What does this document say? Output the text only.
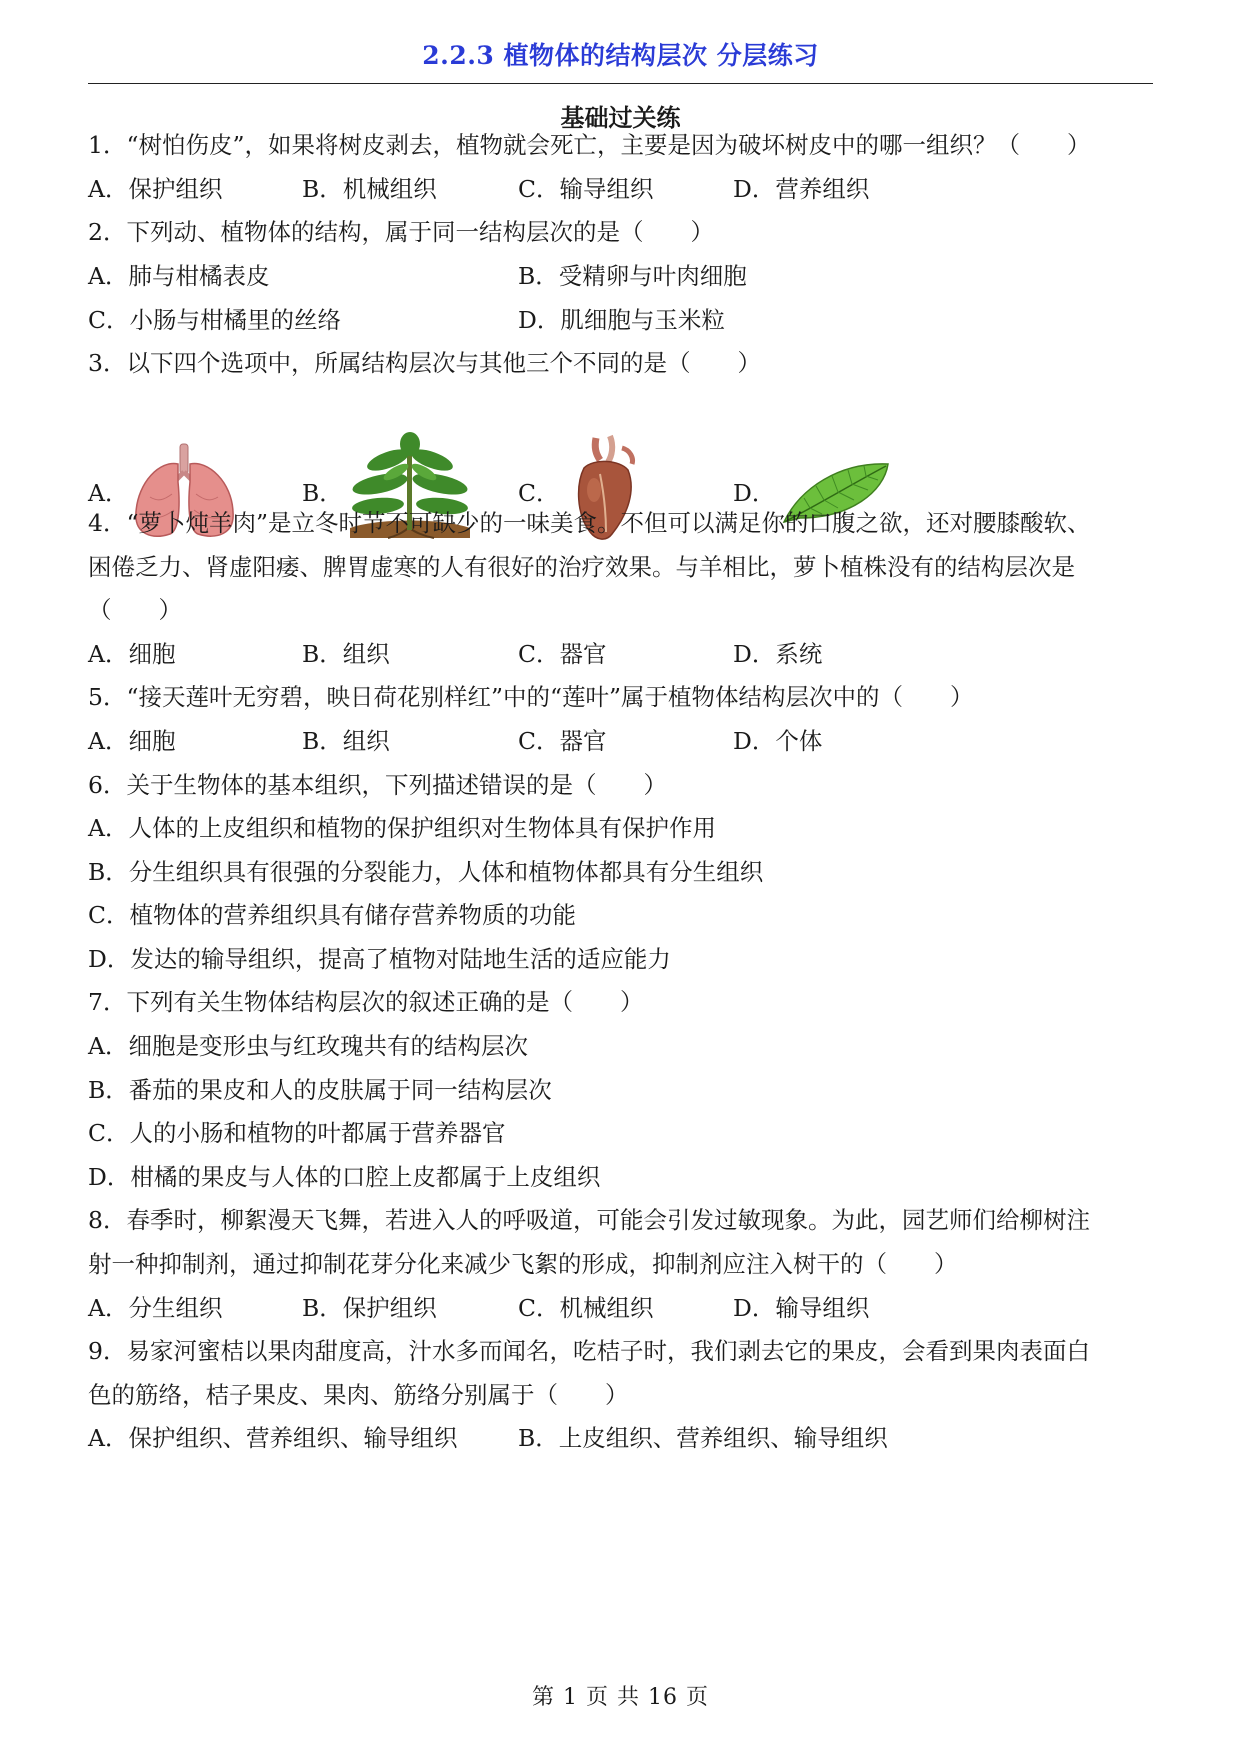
2.2.3 植物体的结构层次 分层练习
基础过关练
1．“树怕伤皮”，如果将树皮剥去，植物就会死亡，主要是因为破坏树皮中的哪一组织？（　　）
A．保护组织	B．机械组织	C．输导组织	D．营养组织
2．下列动、植物体的结构，属于同一结构层次的是（　　）
A．肺与柑橘表皮	B．受精卵与叶肉细胞
C．小肠与柑橘里的丝络	D．肌细胞与玉米粒
3．以下四个选项中，所属结构层次与其他三个不同的是（　　）
A．	B．	C．	D．
4．“萝卜炖羊肉”是立冬时节不可缺少的一味美食。不但可以满足你的口腹之欲，还对腰膝酸软、
困倦乏力、肾虚阳痿、脾胃虚寒的人有很好的治疗效果。与羊相比，萝卜植株没有的结构层次是
（　　）
A．细胞	B．组织	C．器官	D．系统
5．“接天莲叶无穷碧，映日荷花别样红”中的“莲叶”属于植物体结构层次中的（　　）
A．细胞	B．组织	C．器官	D．个体
6．关于生物体的基本组织，下列描述错误的是（　　）
A．人体的上皮组织和植物的保护组织对生物体具有保护作用
B．分生组织具有很强的分裂能力，人体和植物体都具有分生组织
C．植物体的营养组织具有储存营养物质的功能
D．发达的输导组织，提高了植物对陆地生活的适应能力
7．下列有关生物体结构层次的叙述正确的是（　　）
A．细胞是变形虫与红玫瑰共有的结构层次
B．番茄的果皮和人的皮肤属于同一结构层次
C．人的小肠和植物的叶都属于营养器官
D．柑橘的果皮与人体的口腔上皮都属于上皮组织
8．春季时，柳絮漫天飞舞，若进入人的呼吸道，可能会引发过敏现象。为此，园艺师们给柳树注
射一种抑制剂，通过抑制花芽分化来减少飞絮的形成，抑制剂应注入树干的（　　）
A．分生组织	B．保护组织	C．机械组织	D．输导组织
9．易家河蜜桔以果肉甜度高，汁水多而闻名，吃桔子时，我们剥去它的果皮，会看到果肉表面白
色的筋络，桔子果皮、果肉、筋络分别属于（　　）
A．保护组织、营养组织、输导组织	B．上皮组织、营养组织、输导组织
第 1 页 共 16 页
